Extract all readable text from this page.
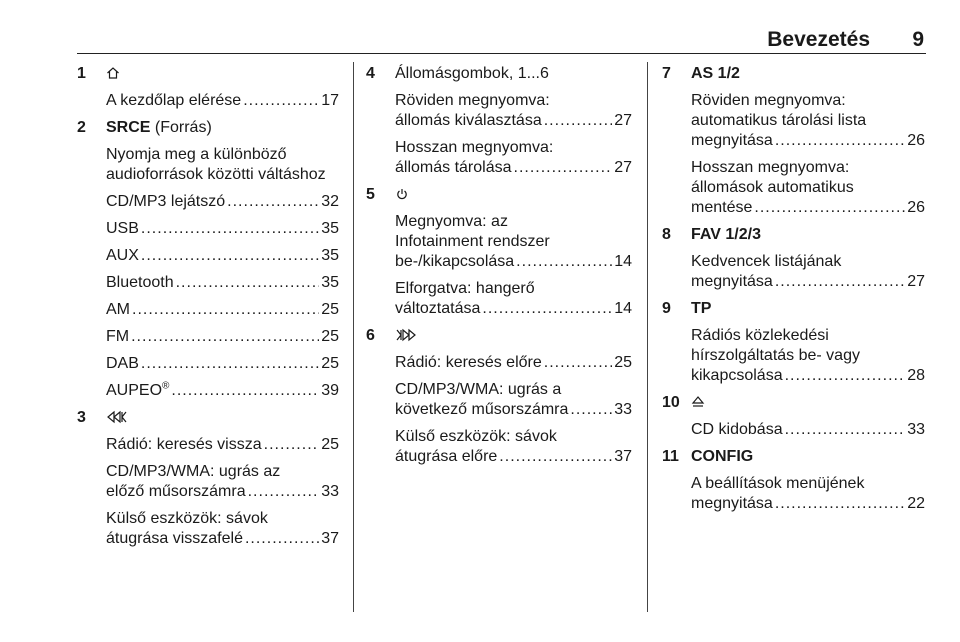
Bevezetés 9
1
A kezdőlap elérése .....	17
2 SRCE (Forrás)
Nyomja meg a különböző
audioforrások közötti váltáshoz
CD/MP3 lejátszó .....	32
USB .....	35
AUX .....	35
Bluetooth .....	35
AM .....	25
FM .....	25
DAB .....	25
AUPEO® .....	39
3
Rádió: keresés vissza .....	25
CD/MP3/WMA: ugrás az
előző műsorszámra .....	33
Külső eszközök: sávok
átugrása visszafelé .....	37
4 Állomásgombok, 1...6
Röviden megnyomva:
állomás kiválasztása .....	27
Hosszan megnyomva:
állomás tárolása .....	27
5
Megnyomva: az
Infotainment rendszer
be-/kikapcsolása .....	14
Elforgatva: hangerő
változtatása .....	14
6
Rádió: keresés előre .....	25
CD/MP3/WMA: ugrás a
következő műsorszámra .....	33
Külső eszközök: sávok
átugrása előre .....	37
7 AS 1/2
Röviden megnyomva:
automatikus tárolási lista
megnyitása .....	26
Hosszan megnyomva:
állomások automatikus
mentése .....	26
8 FAV 1/2/3
Kedvencek listájának
megnyitása .....	27
9 TP
Rádiós közlekedési
hírszolgáltatás be- vagy
kikapcsolása .....	28
10
CD kidobása .....	33
11 CONFIG
A beállítások menüjének
megnyitása .....	22
